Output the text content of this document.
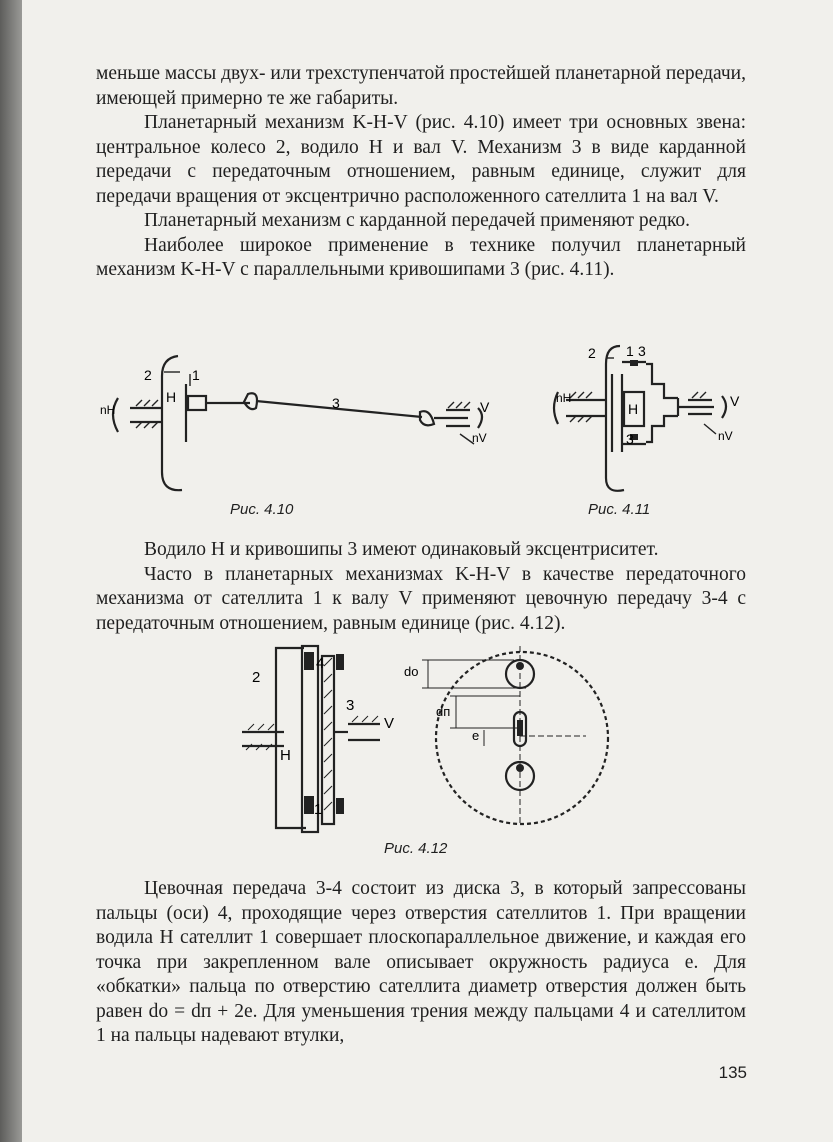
меньше массы двух- или трехступенчатой простейшей планетарной передачи, имеющей примерно те же габариты.

Планетарный механизм K-H-V (рис. 4.10) имеет три основных звена: центральное колесо 2, водило H и вал V. Механизм 3 в виде карданной передачи с передаточным отношением, равным единице, служит для передачи вращения от эксцентрично расположенного сателлита 1 на вал V.

Планетарный механизм с карданной передачей применяют редко.

Наиболее широкое применение в технике получил планетарный механизм K-H-V с параллельными кривошипами 3 (рис. 4.11).

2	1
H	3
nH	V
nV
Рис. 4.10
2 1 3
H
3
nH	V
nV
Рис. 4.11

Водило H и кривошипы 3 имеют одинаковый эксцентриситет.

Часто в планетарных механизмах K-H-V в качестве передаточного механизма от сателлита 1 к валу V применяют цевочную передачу 3-4 с передаточным отношением, равным единице (рис. 4.12).

2
4
3
V
H
1
dо
dп
e
Рис. 4.12

Цевочная передача 3-4 состоит из диска 3, в который запрессованы пальцы (оси) 4, проходящие через отверстия сателлитов 1. При вращении водила H сателлит 1 совершает плоскопараллельное движение, и каждая его точка при закрепленном вале описывает окружность радиуса e. Для «обкатки» пальца по отверстию сателлита диаметр отверстия должен быть равен dо = dп + 2e. Для уменьшения трения между пальцами 4 и сателлитом 1 на пальцы надевают втулки,

135
